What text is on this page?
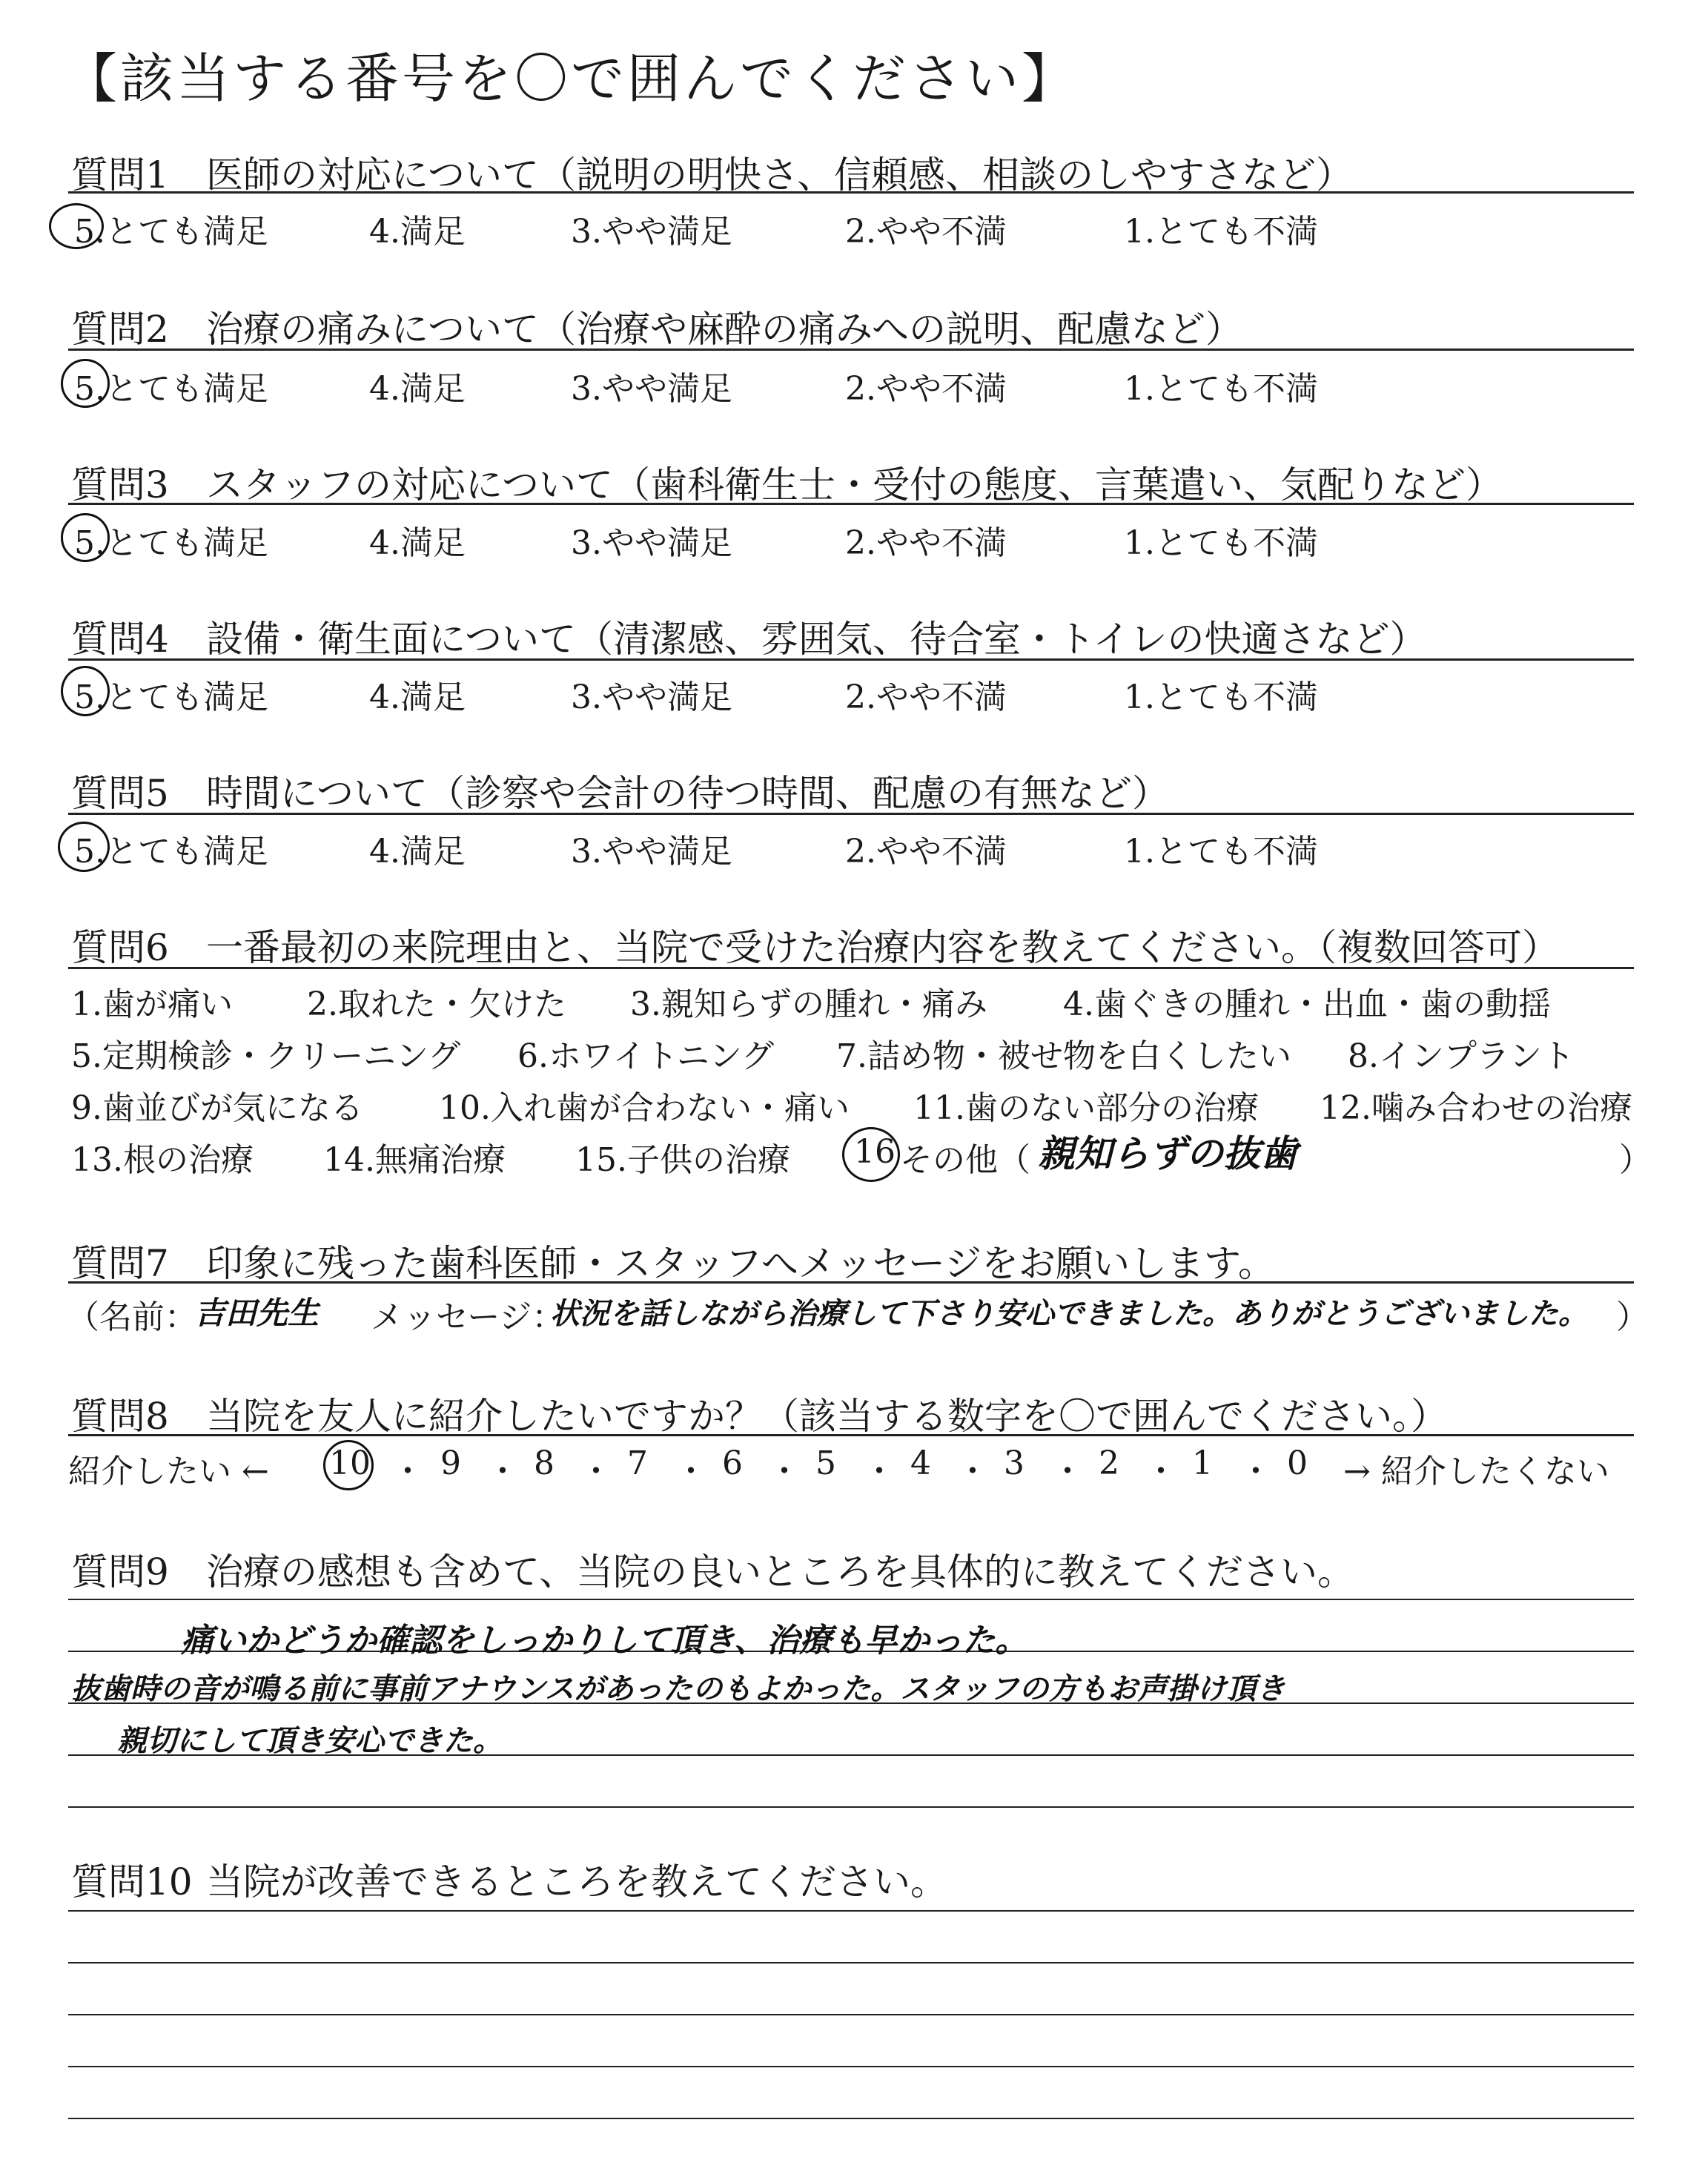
【該当する番号を〇で囲んでください】
質問1 医師の対応について（説明の明快さ、信頼感、相談のしやすさなど）
5.とても満足	4.満足	3.やや満足	2.やや不満	1.とても不満
質問2 治療の痛みについて（治療や麻酔の痛みへの説明、配慮など）
5.とても満足	4.満足	3.やや満足	2.やや不満	1.とても不満
質問3 スタッフの対応について（歯科衛生士・受付の態度、言葉遣い、気配りなど）
5.とても満足	4.満足	3.やや満足	2.やや不満	1.とても不満
質問4 設備・衛生面について（清潔感、雰囲気、待合室・トイレの快適さなど）
5.とても満足	4.満足	3.やや満足	2.やや不満	1.とても不満
質問5 時間について（診察や会計の待つ時間、配慮の有無など）
5.とても満足	4.満足	3.やや満足	2.やや不満	1.とても不満
質問6 一番最初の来院理由と、当院で受けた治療内容を教えてください。（複数回答可）
1.歯が痛い 2.取れた・欠けた 3.親知らずの腫れ・痛み 4.歯ぐきの腫れ・出血・歯の動揺
5.定期検診・クリーニング 6.ホワイトニング 7.詰め物・被せ物を白くしたい 8.インプラント
9.歯並びが気になる 10.入れ歯が合わない・痛い 11.歯のない部分の治療 12.噛み合わせの治療
13.根の治療 14.無痛治療 15.子供の治療 16 その他（ 親知らずの抜歯	）
質問7 印象に残った歯科医師・スタッフへメッセージをお願いします。
（名前：
吉田先生 メッセージ：
状況を話しながら治療して下さり安心できました。ありがとうございました。 ）
質問8 当院を友人に紹介したいですか？（該当する数字を〇で囲んでください。）
紹介したい ← 10 ・ 9 ・ 8 ・ 7 ・ 6 ・ 5 ・ 4 ・ 3 ・ 2 ・ 1 ・ 0 → 紹介したくない
質問9 治療の感想も含めて、当院の良いところを具体的に教えてください。
痛いかどうか確認をしっかりして頂き、治療も早かった。
抜歯時の音が鳴る前に事前アナウンスがあったのもよかった。スタッフの方もお声掛け頂き
親切にして頂き安心できた。
質問10 当院が改善できるところを教えてください。
